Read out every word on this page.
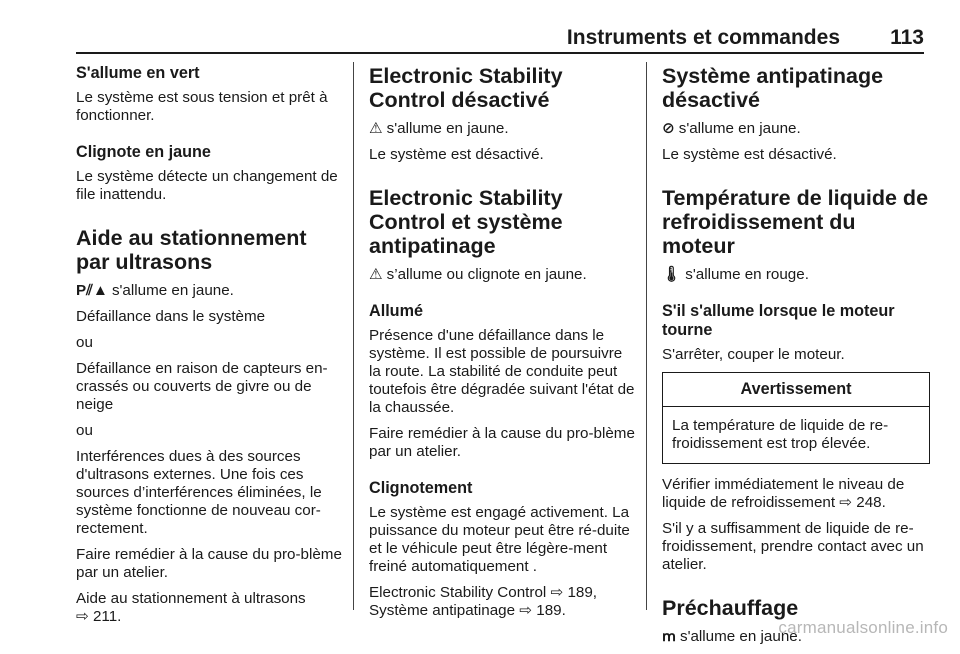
Instruments et commandes 113
S'allume en vert

Le système est sous tension et prêt à fonctionner.

Clignote en jaune

Le système détecte un changement de file inattendu.

Aide au stationnement par ultrasons

P⫽▲ s'allume en jaune.

Défaillance dans le système

ou

Défaillance en raison de capteurs en-crassés ou couverts de givre ou de neige

ou

Interférences dues à des sources d'ultrasons externes. Une fois ces sources d’interférences éliminées, le système fonctionne de nouveau cor-rectement.

Faire remédier à la cause du pro-blème par un atelier.

Aide au stationnement à ultrasons
⇨ 211.

Electronic Stability Control désactivé

⚠ s'allume en jaune.

Le système est désactivé.

Electronic Stability Control et système antipatinage

⚠ s’allume ou clignote en jaune.

Allumé

Présence d'une défaillance dans le système. Il est possible de poursuivre la route. La stabilité de conduite peut toutefois être dégradée suivant l'état de la chaussée.

Faire remédier à la cause du pro-blème par un atelier.

Clignotement

Le système est engagé activement. La puissance du moteur peut être ré-duite et le véhicule peut être légère-ment freiné automatiquement .

Electronic Stability Control ⇨ 189,
Système antipatinage ⇨ 189.

Système antipatinage désactivé

⊘ s'allume en jaune.

Le système est désactivé.

Température de liquide de refroidissement du moteur

🌡 s'allume en rouge.

S'il s'allume lorsque le moteur tourne

S'arrêter, couper le moteur.

Avertissement
La température de liquide de re-froidissement est trop élevée.

Vérifier immédiatement le niveau de liquide de refroidissement ⇨ 248.

S'il y a suffisamment de liquide de re-froidissement, prendre contact avec un atelier.

Préchauffage

ՠ s'allume en jaune.

carmanualsonline.info
